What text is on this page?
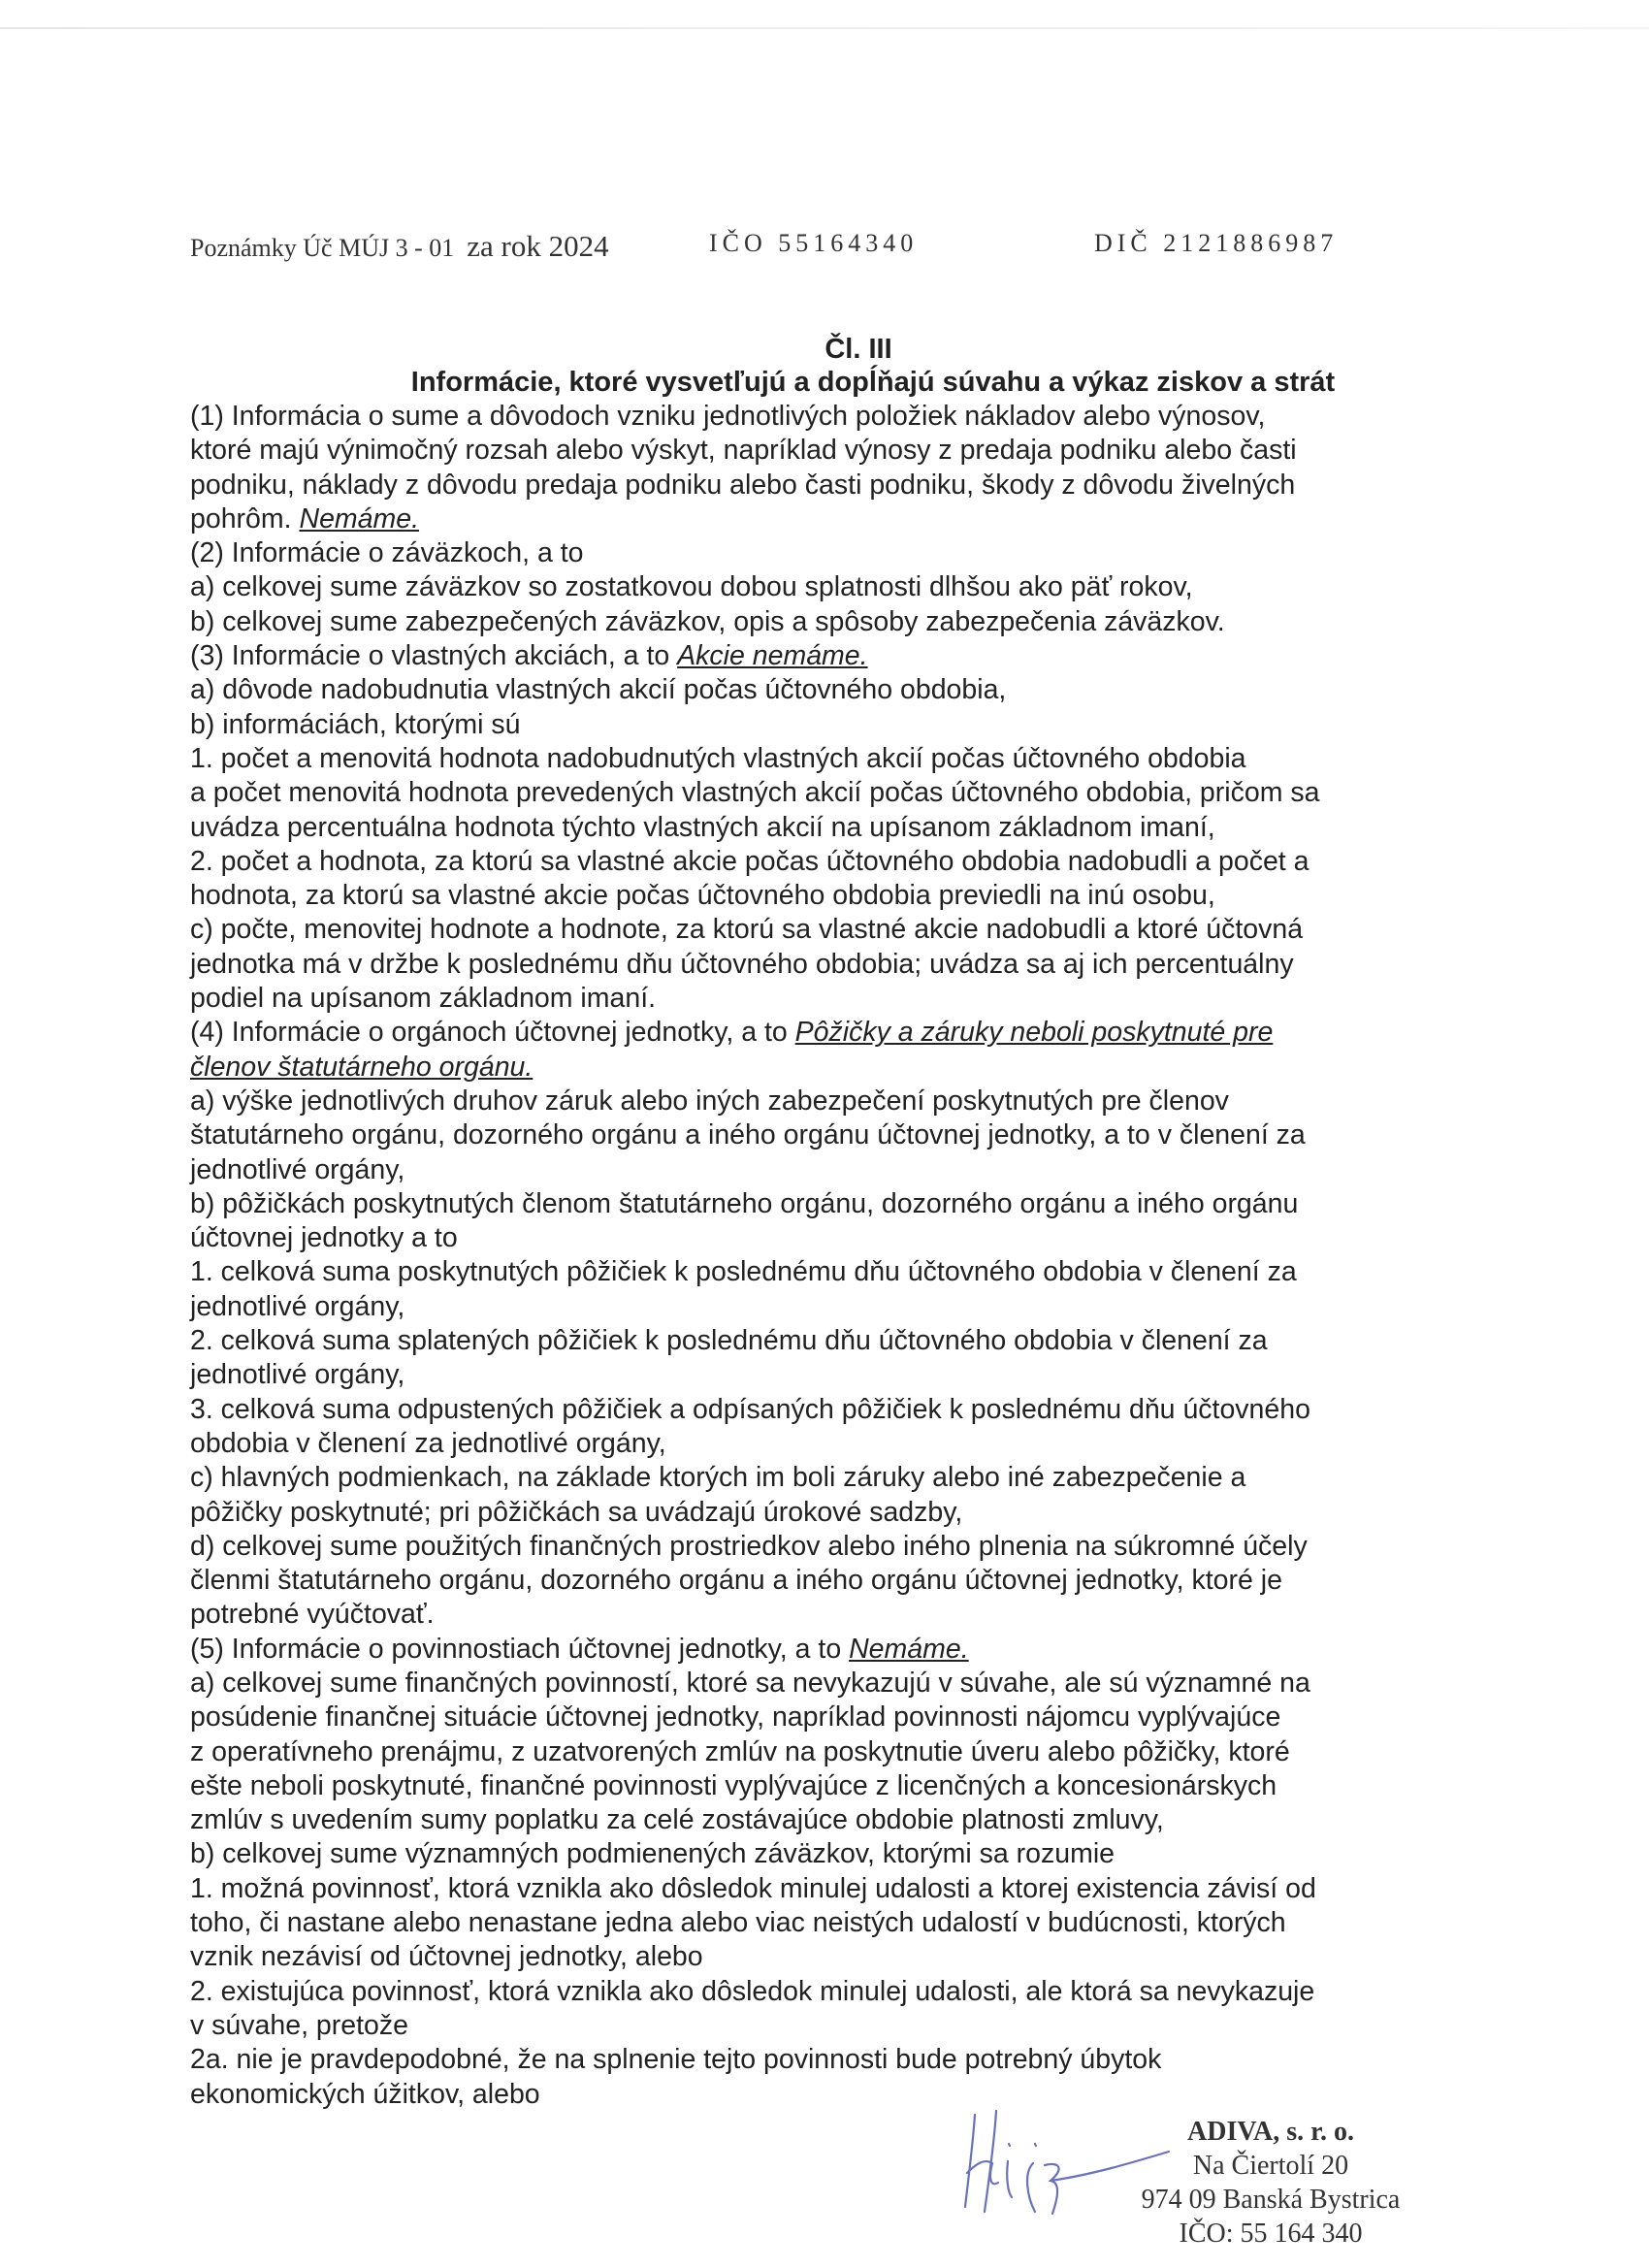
Poznámky Úč MÚJ 3 - 01 za rok 2024	IČO 55164340	DIČ 2121886987
Čl. III
Informácie, ktoré vysvetľujú a dopĺňajú súvahu a výkaz ziskov a strát
(1) Informácia o sume a dôvodoch vzniku jednotlivých položiek nákladov alebo výnosov,
ktoré majú výnimočný rozsah alebo výskyt, napríklad výnosy z predaja podniku alebo časti
podniku, náklady z dôvodu predaja podniku alebo časti podniku, škody z dôvodu živelných
pohrôm. Nemáme.
(2) Informácie o záväzkoch, a to
a) celkovej sume záväzkov so zostatkovou dobou splatnosti dlhšou ako päť rokov,
b) celkovej sume zabezpečených záväzkov, opis a spôsoby zabezpečenia záväzkov.
(3) Informácie o vlastných akciách, a to Akcie nemáme.
a) dôvode nadobudnutia vlastných akcií počas účtovného obdobia,
b) informáciách, ktorými sú
1. počet a menovitá hodnota nadobudnutých vlastných akcií počas účtovného obdobia
a počet menovitá hodnota prevedených vlastných akcií počas účtovného obdobia, pričom sa
uvádza percentuálna hodnota týchto vlastných akcií na upísanom základnom imaní,
2. počet a hodnota, za ktorú sa vlastné akcie počas účtovného obdobia nadobudli a počet a
hodnota, za ktorú sa vlastné akcie počas účtovného obdobia previedli na inú osobu,
c) počte, menovitej hodnote a hodnote, za ktorú sa vlastné akcie nadobudli a ktoré účtovná
jednotka má v držbe k poslednému dňu účtovného obdobia; uvádza sa aj ich percentuálny
podiel na upísanom základnom imaní.
(4) Informácie o orgánoch účtovnej jednotky, a to Pôžičky a záruky neboli poskytnuté pre
členov štatutárneho orgánu.
a) výške jednotlivých druhov záruk alebo iných zabezpečení poskytnutých pre členov
štatutárneho orgánu, dozorného orgánu a iného orgánu účtovnej jednotky, a to v členení za
jednotlivé orgány,
b) pôžičkách poskytnutých členom štatutárneho orgánu, dozorného orgánu a iného orgánu
účtovnej jednotky a to
1. celková suma poskytnutých pôžičiek k poslednému dňu účtovného obdobia v členení za
jednotlivé orgány,
2. celková suma splatených pôžičiek k poslednému dňu účtovného obdobia v členení za
jednotlivé orgány,
3. celková suma odpustených pôžičiek a odpísaných pôžičiek k poslednému dňu účtovného
obdobia v členení za jednotlivé orgány,
c) hlavných podmienkach, na základe ktorých im boli záruky alebo iné zabezpečenie a
pôžičky poskytnuté; pri pôžičkách sa uvádzajú úrokové sadzby,
d) celkovej sume použitých finančných prostriedkov alebo iného plnenia na súkromné účely
členmi štatutárneho orgánu, dozorného orgánu a iného orgánu účtovnej jednotky, ktoré je
potrebné vyúčtovať.
(5) Informácie o povinnostiach účtovnej jednotky, a to Nemáme.
a) celkovej sume finančných povinností, ktoré sa nevykazujú v súvahe, ale sú významné na
posúdenie finančnej situácie účtovnej jednotky, napríklad povinnosti nájomcu vyplývajúce
z operatívneho prenájmu, z uzatvorených zmlúv na poskytnutie úveru alebo pôžičky, ktoré
ešte neboli poskytnuté, finančné povinnosti vyplývajúce z licenčných a koncesionárskych
zmlúv s uvedením sumy poplatku za celé zostávajúce obdobie platnosti zmluvy,
b) celkovej sume významných podmienených záväzkov, ktorými sa rozumie
1. možná povinnosť, ktorá vznikla ako dôsledok minulej udalosti a ktorej existencia závisí od
toho, či nastane alebo nenastane jedna alebo viac neistých udalostí v budúcnosti, ktorých
vznik nezávisí od účtovnej jednotky, alebo
2. existujúca povinnosť, ktorá vznikla ako dôsledok minulej udalosti, ale ktorá sa nevykazuje
v súvahe, pretože
2a. nie je pravdepodobné, že na splnenie tejto povinnosti bude potrebný úbytok
ekonomických úžitkov, alebo
ADIVA, s. r. o.
Na Čiertolí 20
974 09 Banská Bystrica
IČO: 55 164 340
